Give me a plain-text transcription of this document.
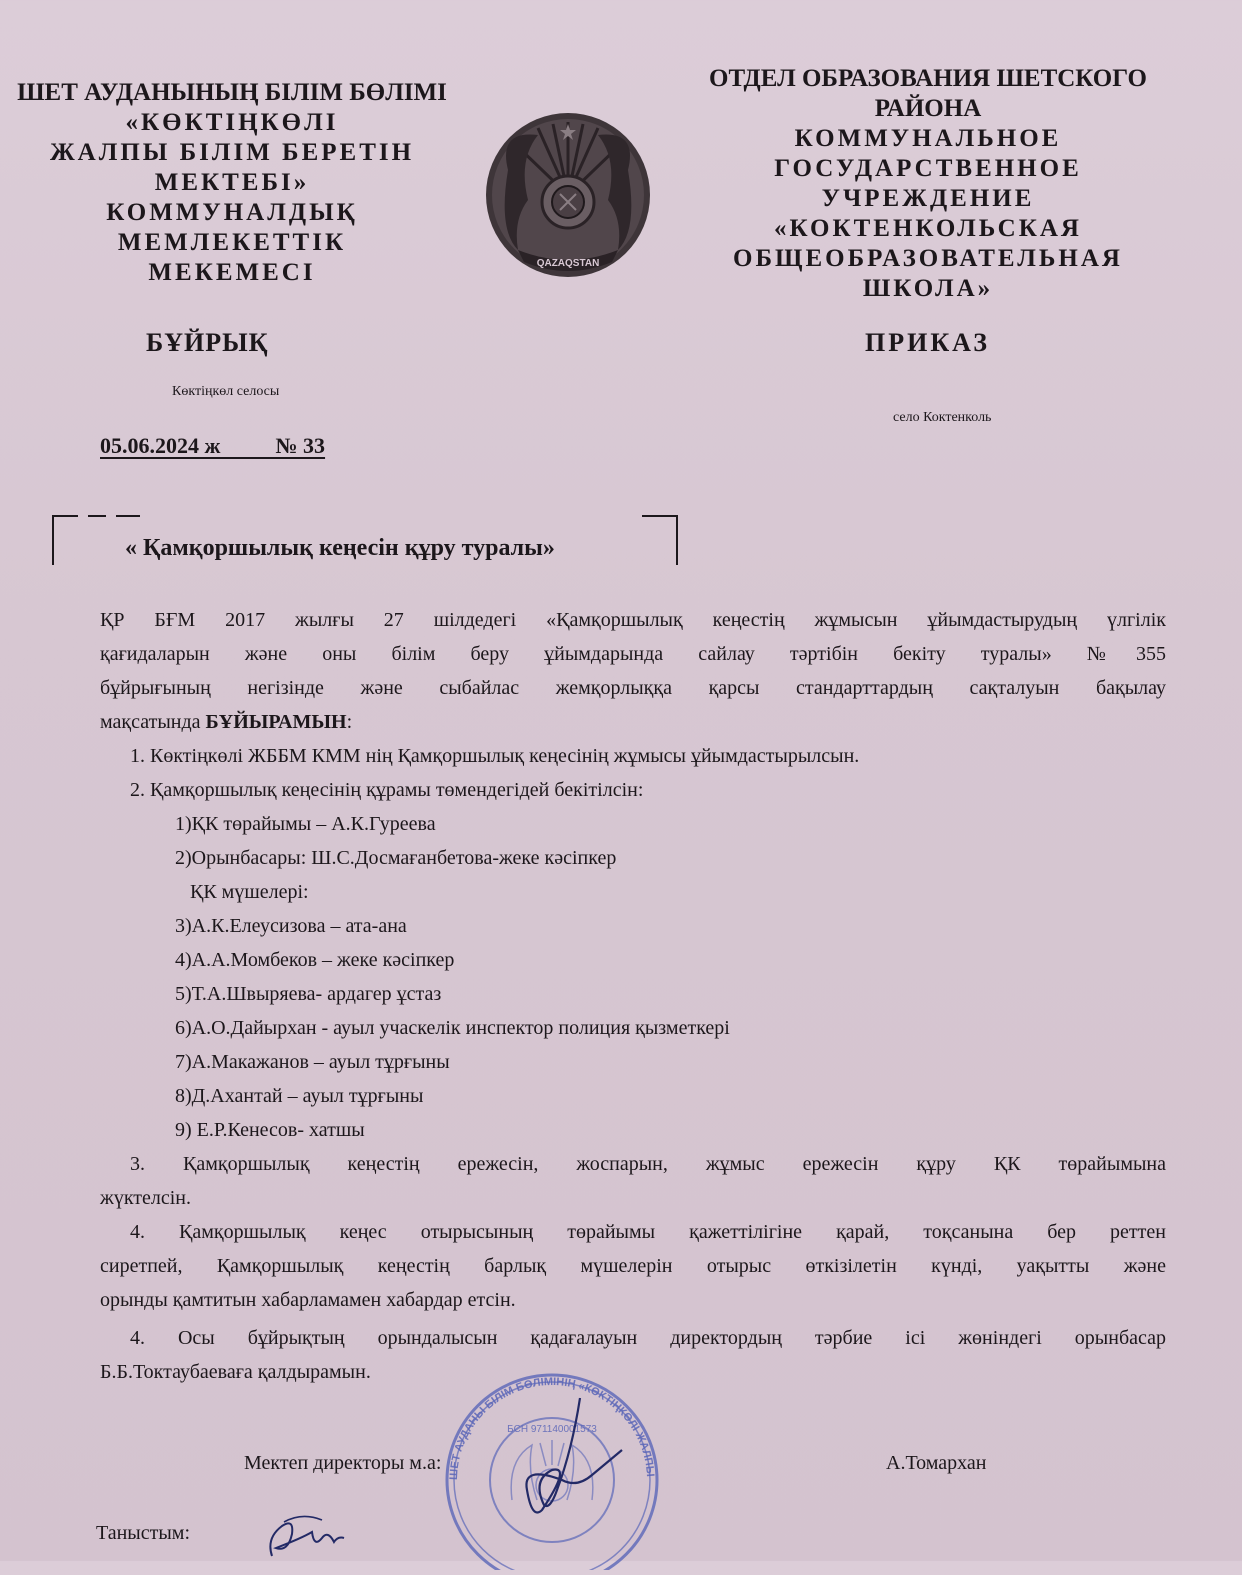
ШЕТ АУДАНЫНЫҢ БІЛІМ БӨЛІМІ
«КӨКТІҢКӨЛІ
ЖАЛПЫ БІЛІМ БЕРЕТІН
МЕКТЕБІ»
КОММУНАЛДЫҚ
МЕМЛЕКЕТТІК
МЕКЕМЕСІ	QAZAQSTAN
ОТДЕЛ ОБРАЗОВАНИЯ ШЕТСКОГО
РАЙОНА
КОММУНАЛЬНОЕ
ГОСУДАРСТВЕННОЕ
УЧРЕЖДЕНИЕ
«КОКТЕНКОЛЬСКАЯ
ОБЩЕОБРАЗОВАТЕЛЬНАЯ
ШКОЛА»
БҰЙРЫҚ	ПРИКАЗ
Көктіңкөл селосы
село Коктенколь
05.06.2024 ж          № 33
« Қамқоршылық кеңесін құру туралы»
ҚР БҒМ 2017 жылғы 27 шілдедегі «Қамқоршылық кеңестің жұмысын ұйымдастырудың үлгілік
қағидаларын және оны білім беру ұйымдарында сайлау тәртібін бекіту туралы» №355
бұйрығының негізінде және сыбайлас жемқорлыққа қарсы стандарттардың сақталуын бақылау
мақсатында БҰЙЫРАМЫН:
1. Көктіңкөлі ЖББМ КММ нің Қамқоршылық кеңесінің жұмысы ұйымдастырылсын.
2. Қамқоршылық кеңесінің құрамы төмендегідей бекітілсін:
1)ҚК төрайымы – А.К.Гуреева
2)Орынбасары: Ш.С.Досмағанбетова-жеке кәсіпкер
ҚК мүшелері:
3)А.К.Елеусизова – ата-ана
4)А.А.Момбеков – жеке кәсіпкер
5)Т.А.Швыряева- ардагер ұстаз
6)А.О.Дайырхан - ауыл учаскелік инспектор полиция қызметкері
7)А.Макажанов – ауыл тұрғыны
8)Д.Ахантай – ауыл тұрғыны
9) Е.Р.Кенесов- хатшы
3. Қамқоршылық кеңестің ережесін, жоспарын, жұмыс ережесін құру ҚК төрайымына
жүктелсін.
4. Қамқоршылық кеңес отырысының төрайымы қажеттілігіне қарай, тоқсанына бер реттен
сиретпей, Қамқоршылық кеңестің барлық мүшелерін отырыс өткізілетін күнді, уақытты және
орынды қамтитын хабарламамен хабардар етсін.
4. Осы бұйрықтың орындалысын қадағалауын директордың тәрбие ісі жөніндегі орынбасар
Б.Б.Токтаубаеваға қалдырамын.
ШЕТ АУДАНЫ БІЛІМ БӨЛІМІНІҢ «КӨКТІҢКӨЛІ ЖАЛПЫ
БСН 971140001573
Мектеп директоры м.а:	А.Томархан
Таныстым:
